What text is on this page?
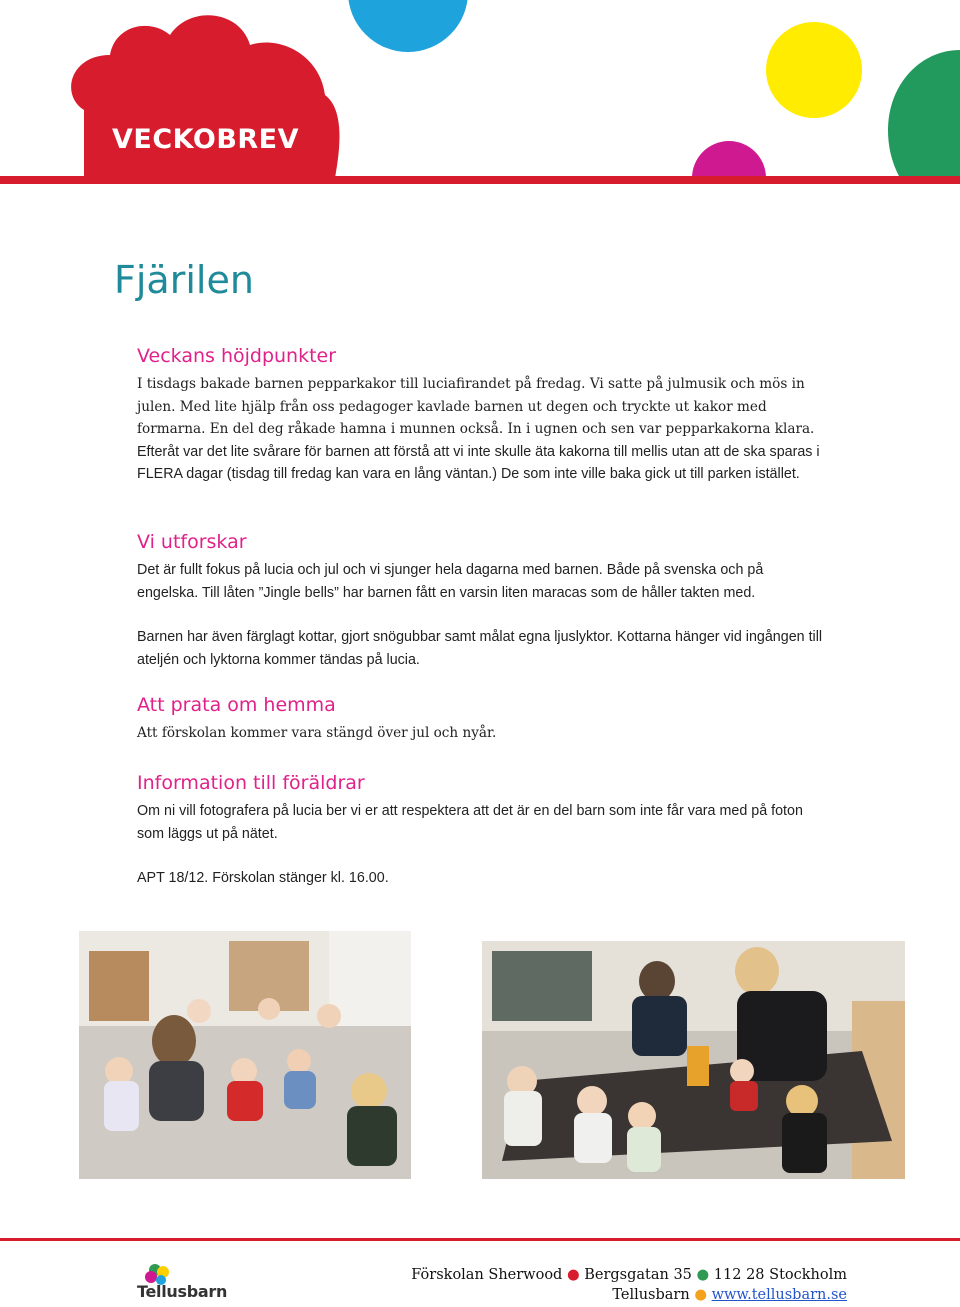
VECKOBREV
Fjärilen
Veckans höjdpunkter

I tisdags bakade barnen pepparkakor till luciafirandet på fredag. Vi satte på julmusik och mös in julen. Med lite hjälp från oss pedagoger kavlade barnen ut degen och tryckte ut kakor med formarna. En del deg råkade hamna i munnen också. In i ugnen och sen var pepparkakorna klara.

Efteråt var det lite svårare för barnen att förstå att vi inte skulle äta kakorna till mellis utan att de ska sparas i FLERA dagar (tisdag till fredag kan vara en lång väntan.) De som inte ville baka gick ut till parken istället.

Vi utforskar

Det är fullt fokus på lucia och jul och vi sjunger hela dagarna med barnen. Både på svenska och på engelska. Till låten ”Jingle bells” har barnen fått en varsin liten maracas som de håller takten med.

Barnen har även färglagt kottar, gjort snögubbar samt målat egna ljuslyktor. Kottarna hänger vid ingången till ateljén och lyktorna kommer tändas på lucia.

Att prata om hemma

Att förskolan kommer vara stängd över jul och nyår.

Information till föräldrar

Om ni vill fotografera på lucia ber vi er att respektera att det är en del barn som inte får vara med på foton som läggs ut på nätet.

APT 18/12. Förskolan stänger kl. 16.00.

Tellusbarn
Förskolan Sherwood ● Bergsgatan 35 ● 112 28 Stockholm
Tellusbarn ● www.tellusbarn.se
